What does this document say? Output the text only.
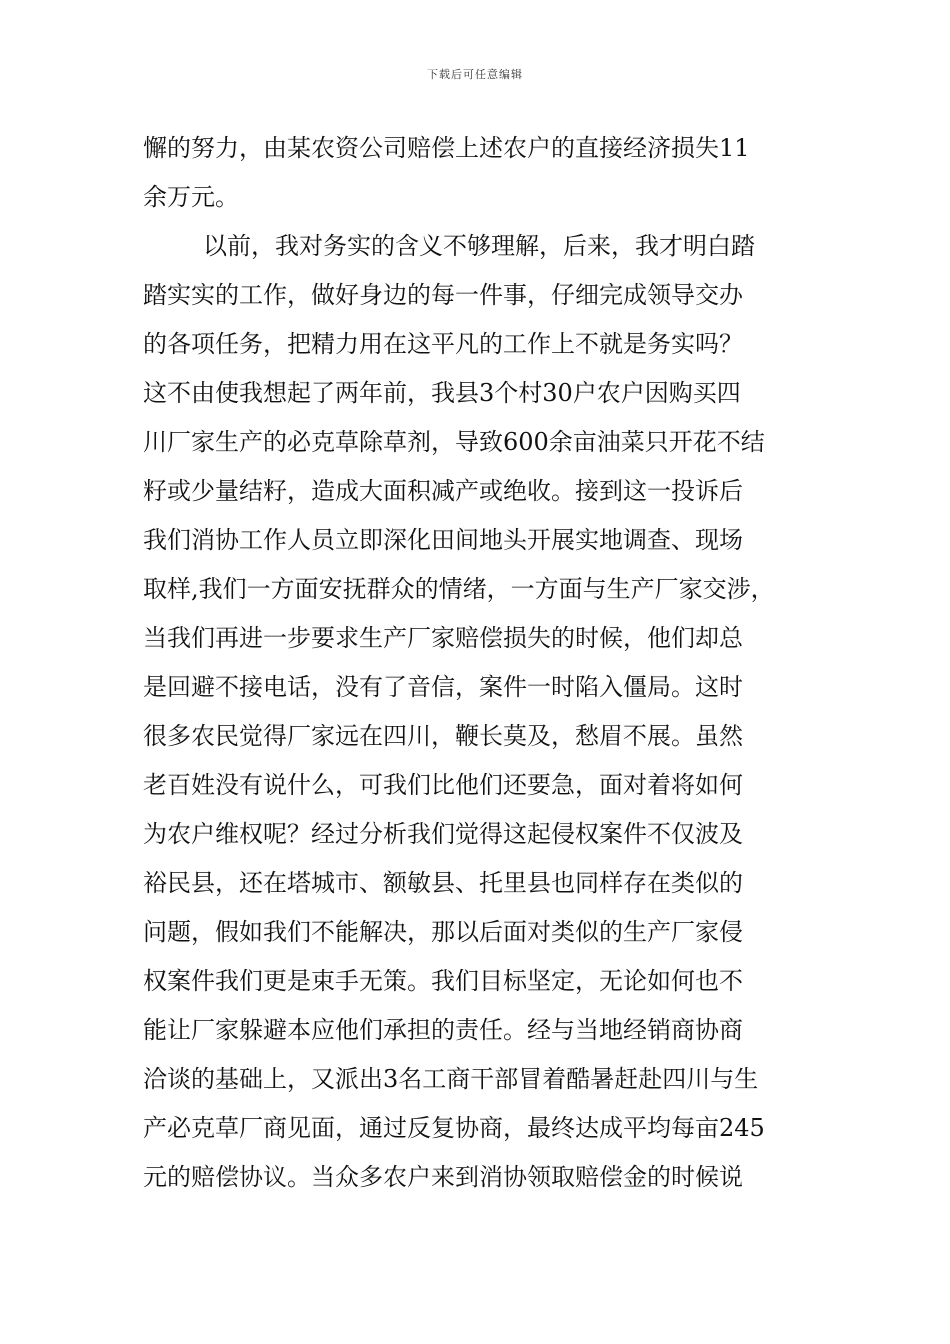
下载后可任意编辑
懈的努力，由某农资公司赔偿上述农户的直接经济损失11
余万元。
以前，我对务实的含义不够理解，后来，我才明白踏
踏实实的工作，做好身边的每一件事，仔细完成领导交办
的各项任务，把精力用在这平凡的工作上不就是务实吗？
这不由使我想起了两年前，我县3个村30户农户因购买四
川厂家生产的必克草除草剂，导致600余亩油菜只开花不结
籽或少量结籽，造成大面积减产或绝收。接到这一投诉后
我们消协工作人员立即深化田间地头开展实地调查、现场
取样,我们一方面安抚群众的情绪，一方面与生产厂家交涉，
当我们再进一步要求生产厂家赔偿损失的时候，他们却总
是回避不接电话，没有了音信，案件一时陷入僵局。这时
很多农民觉得厂家远在四川，鞭长莫及，愁眉不展。虽然
老百姓没有说什么，可我们比他们还要急，面对着将如何
为农户维权呢？经过分析我们觉得这起侵权案件不仅波及
裕民县，还在塔城市、额敏县、托里县也同样存在类似的
问题，假如我们不能解决，那以后面对类似的生产厂家侵
权案件我们更是束手无策。我们目标坚定，无论如何也不
能让厂家躲避本应他们承担的责任。经与当地经销商协商
洽谈的基础上，又派出3名工商干部冒着酷暑赶赴四川与生
产必克草厂商见面，通过反复协商，最终达成平均每亩245
元的赔偿协议。当众多农户来到消协领取赔偿金的时候说
